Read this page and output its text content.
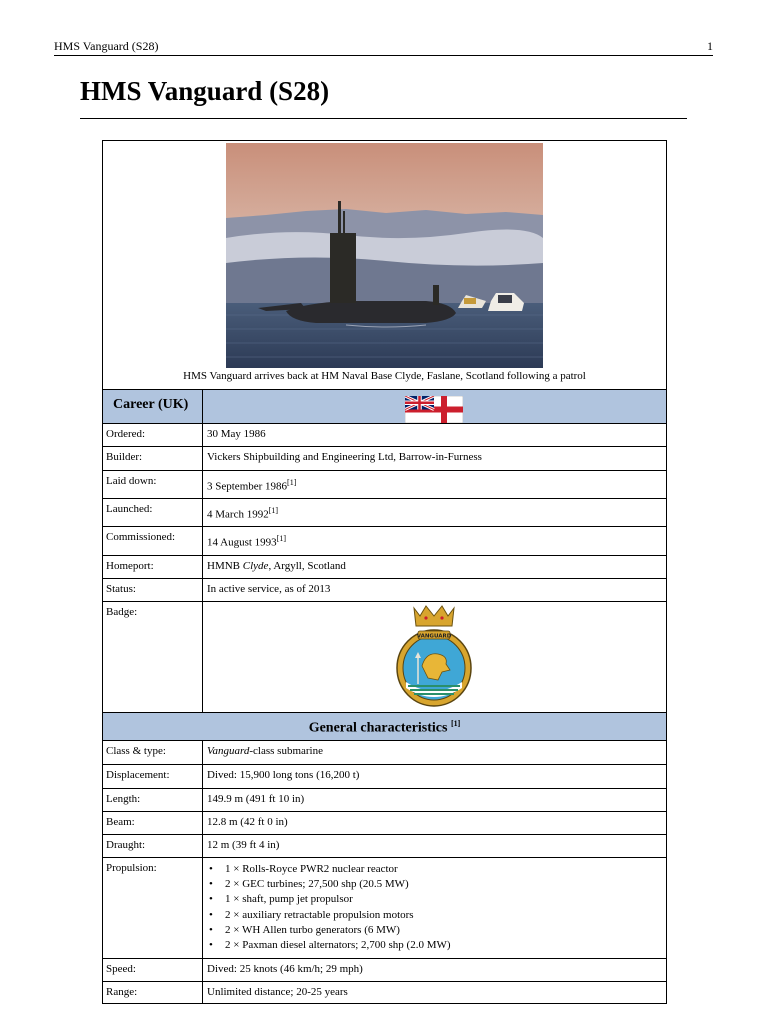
HMS Vanguard (S28)	1
HMS Vanguard (S28)
HMS Vanguard arrives back at HM Naval Base Clyde, Faslane, Scotland following a patrol
Career (UK)
Ordered:	30 May 1986
Builder:	Vickers Shipbuilding and Engineering Ltd, Barrow-in-Furness
Laid down:	3 September 1986[1]
Launched:	4 March 1992[1]
Commissioned:	14 August 1993[1]
Homeport:	HMNB Clyde, Argyll, Scotland
Status:	In active service, as of 2013
Badge:
VANGUARD
General characteristics [1]
Class & type:	Vanguard-class submarine
Displacement:	Dived: 15,900 long tons (16,200 t)
Length:	149.9 m (491 ft 10 in)
Beam:	12.8 m (42 ft 0 in)
Draught:	12 m (39 ft 4 in)
Propulsion:
•	1 × Rolls-Royce PWR2 nuclear reactor
• 2 × GEC turbines; 27,500 shp (20.5 MW)
• 1 × shaft, pump jet propulsor
• 2 × auxiliary retractable propulsion motors
• 2 × WH Allen turbo generators (6 MW)
• 2 × Paxman diesel alternators; 2,700 shp (2.0 MW)
Speed:	Dived: 25 knots (46 km/h; 29 mph)
Range:	Unlimited distance; 20-25 years
